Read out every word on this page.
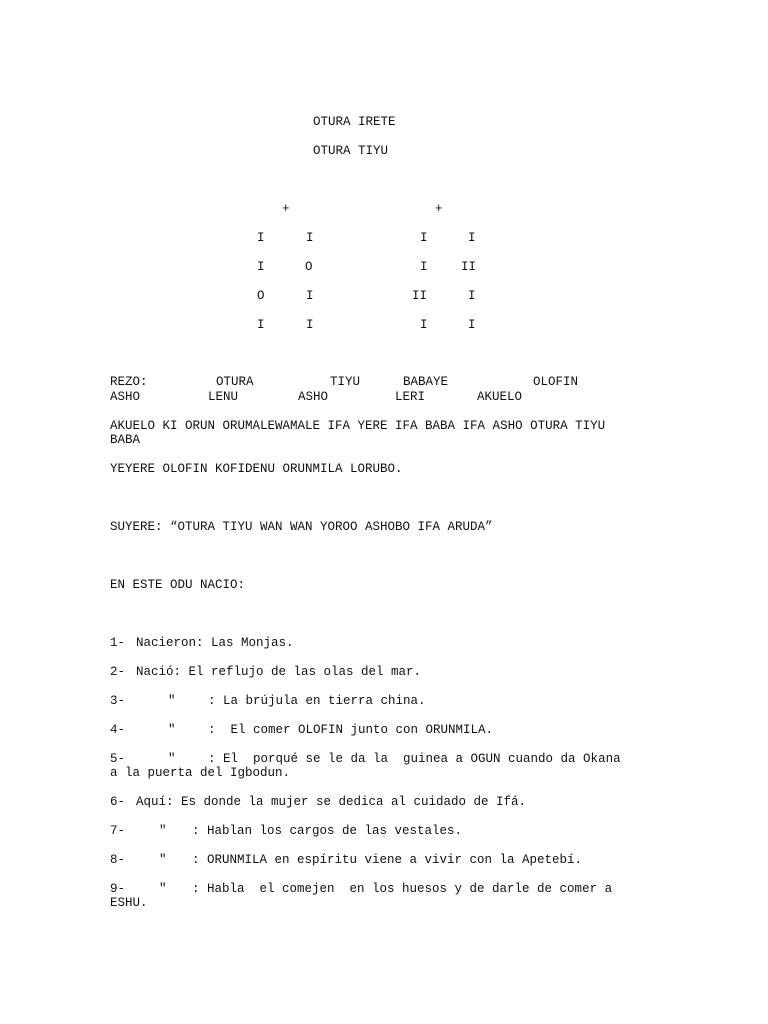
OTURA IRETE
OTURA TIYU
+	+
I	I	I	I
I	O	I	II
O	I	II	I
I	I	I	I
REZO:	OTURA	TIYU	BABAYE	OLOFIN
ASHO	LENU	ASHO	LERI	AKUELO
AKUELO KI ORUN ORUMALEWAMALE IFA YERE IFA BABA IFA ASHO OTURA TIYU
BABA
YEYERE OLOFIN KOFIDENU ORUNMILA LORUBO.
SUYERE: “OTURA TIYU WAN WAN YOROO ASHOBO IFA ARUDA”
EN ESTE ODU NACIO:
1- Nacieron: Las Monjas.
2- Nació: El reflujo de las olas del mar.
3-	"	: La brújula en tierra china.
4-	"	:  El comer OLOFIN junto con ORUNMILA.
5-	"	: El  porqué se le da la  guinea a OGUN cuando da Okana
a la puerta del Igbodun.
6- Aquí: Es donde la mujer se dedica al cuidado de Ifá.
7-	" : Hablan los cargos de las vestales.
8-	" : ORUNMILA en espíritu viene a vivir con la Apetebí.
9-	" : Habla  el comejen  en los huesos y de darle de comer a
ESHU.
